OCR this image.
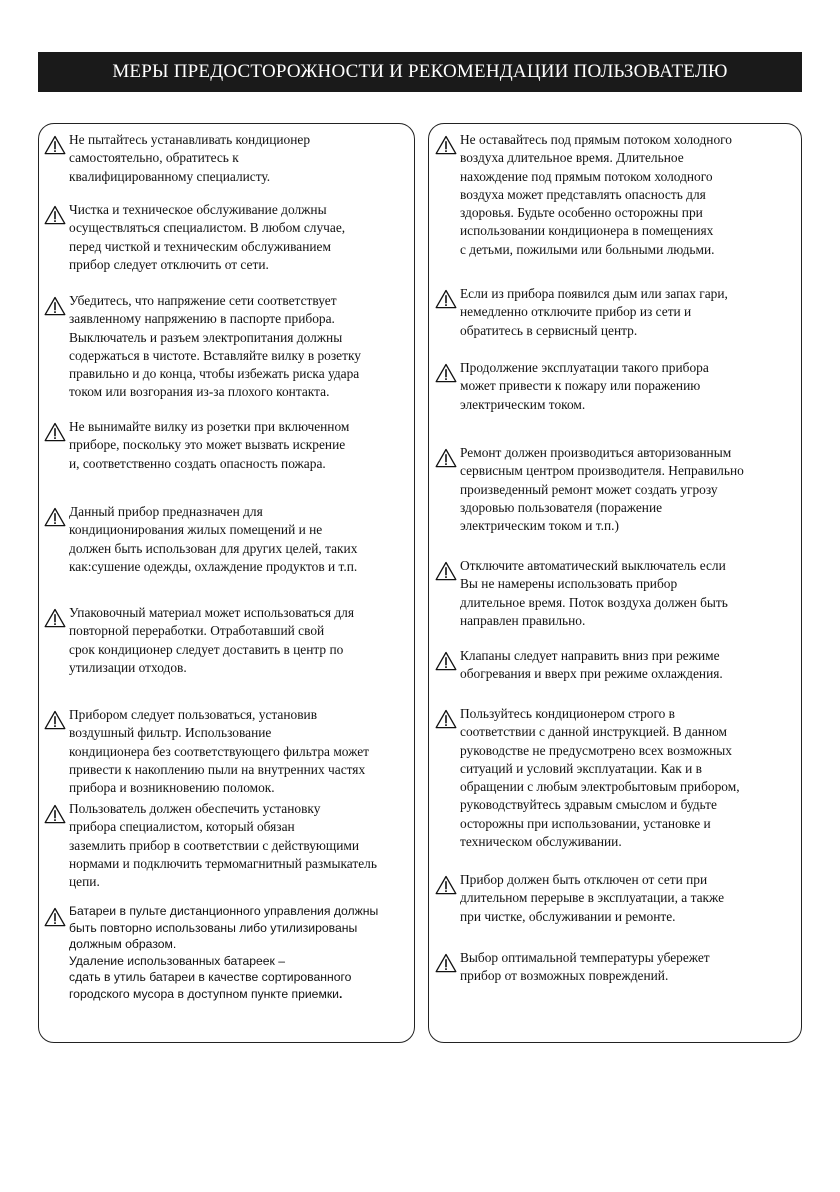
МЕРЫ ПРЕДОСТОРОЖНОСТИ И РЕКОМЕНДАЦИИ ПОЛЬЗОВАТЕЛЮ
Не пытайтесь устанавливать кондиционер
самостоятельно, обратитесь к
квалифицированному специалисту.
Чистка и техническое обслуживание должны
осуществляться специалистом. В любом случае,
перед чисткой и техническим обслуживанием
прибор следует отключить от сети.
Убедитесь, что напряжение сети соответствует
заявленному напряжению в паспорте прибора.
Выключатель и разъем электропитания должны
содержаться в чистоте. Вставляйте вилку в розетку
правильно и до конца, чтобы избежать риска удара
током или возгорания из-за плохого контакта.
Не вынимайте вилку из розетки при включенном
приборе, поскольку это может вызвать искрение
и, соответственно создать опасность пожара.
Данный прибор предназначен для
кондиционирования жилых помещений и не
должен быть использован для других целей, таких
как:сушение одежды, охлаждение продуктов и т.п.
Упаковочный материал может использоваться для
повторной переработки. Отработавший свой
срок кондиционер следует доставить в центр по
утилизации отходов.
Прибором следует пользоваться, установив
воздушный фильтр. Использование
кондиционера без соответствующего фильтра может
привести к накоплению пыли на внутренних частях
прибора и возникновению поломок.
Пользователь должен обеспечить установку
прибора специалистом, который обязан
заземлить прибор в соответствии с действующими
нормами и подключить термомагнитный размыкатель
цепи.
Батареи в пульте дистанционного управления должны
быть повторно использованы либо утилизированы
должным образом.
Удаление использованных батареек –
сдать в утиль батареи в качестве сортированного
городского мусора в доступном пункте приемки.
Не оставайтесь под прямым потоком холодного
воздуха длительное время. Длительное
нахождение под прямым потоком холодного
воздуха может представлять опасность для
здоровья. Будьте особенно осторожны при
использовании кондиционера в помещениях
с детьми, пожилыми или больными людьми.
Если из прибора появился дым или запах гари,
немедленно отключите прибор из сети и
обратитесь в сервисный центр.
Продолжение эксплуатации такого прибора
может привести к пожару или поражению
электрическим током.
Ремонт должен производиться авторизованным
сервисным центром производителя. Неправильно
произведенный ремонт может создать угрозу
здоровью пользователя (поражение
электрическим током и т.п.)
Отключите автоматический выключатель если
Вы не намерены использовать прибор
длительное время. Поток воздуха должен быть
направлен правильно.
Клапаны следует направить вниз при режиме
обогревания и вверх при режиме охлаждения.
Пользуйтесь кондиционером строго в
соответствии с данной инструкцией. В данном
руководстве не предусмотрено всех возможных
ситуаций и условий эксплуатации. Как и в
обращении с любым электробытовым прибором,
руководствуйтесь здравым смыслом и будьте
осторожны при использовании, установке и
техническом обслуживании.
Прибор должен быть отключен от сети при
длительном перерыве в эксплуатации, а также
при чистке, обслуживании и ремонте.
Выбор оптимальной температуры убережет
прибор от возможных повреждений.
